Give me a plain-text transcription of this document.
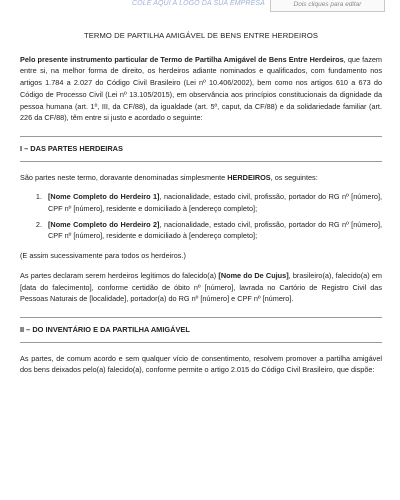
COLE AQUI A LOGO DA SUA EMPRESA	Dois cliques para editar
TERMO DE PARTILHA AMIGÁVEL DE BENS ENTRE HERDEIROS

Pelo presente instrumento particular de Termo de Partilha Amigável de Bens Entre Herdeiros, que fazem entre si, na melhor forma de direito, os herdeiros adiante nominados e qualificados, com fundamento nos artigos 1.784 a 2.027 do Código Civil Brasileiro (Lei nº 10.406/2002), bem como nos artigos 610 a 673 do Código de Processo Civil (Lei nº 13.105/2015), em observância aos princípios constitucionais da dignidade da pessoa humana (art. 1º, III, da CF/88), da igualdade (art. 5º, caput, da CF/88) e da solidariedade familiar (art. 226 da CF/88), têm entre si justo e acordado o seguinte:

I – DAS PARTES HERDEIRAS

São partes neste termo, doravante denominadas simplesmente HERDEIROS, os seguintes:

1. [Nome Completo do Herdeiro 1], nacionalidade, estado civil, profissão, portador do RG nº [número], CPF nº [número], residente e domiciliado à [endereço completo];
2. [Nome Completo do Herdeiro 2], nacionalidade, estado civil, profissão, portador do RG nº [número], CPF nº [número], residente e domiciliado à [endereço completo];

(E assim sucessivamente para todos os herdeiros.)

As partes declaram serem herdeiros legítimos do falecido(a) [Nome do De Cujus], brasileiro(a), falecido(a) em [data do falecimento], conforme certidão de óbito nº [número], lavrada no Cartório de Registro Civil das Pessoas Naturais de [localidade], portador(a) do RG nº [número] e CPF nº [número].

II – DO INVENTÁRIO E DA PARTILHA AMIGÁVEL

As partes, de comum acordo e sem qualquer vício de consentimento, resolvem promover a partilha amigável dos bens deixados pelo(a) falecido(a), conforme permite o artigo 2.015 do Código Civil Brasileiro, que dispõe:
